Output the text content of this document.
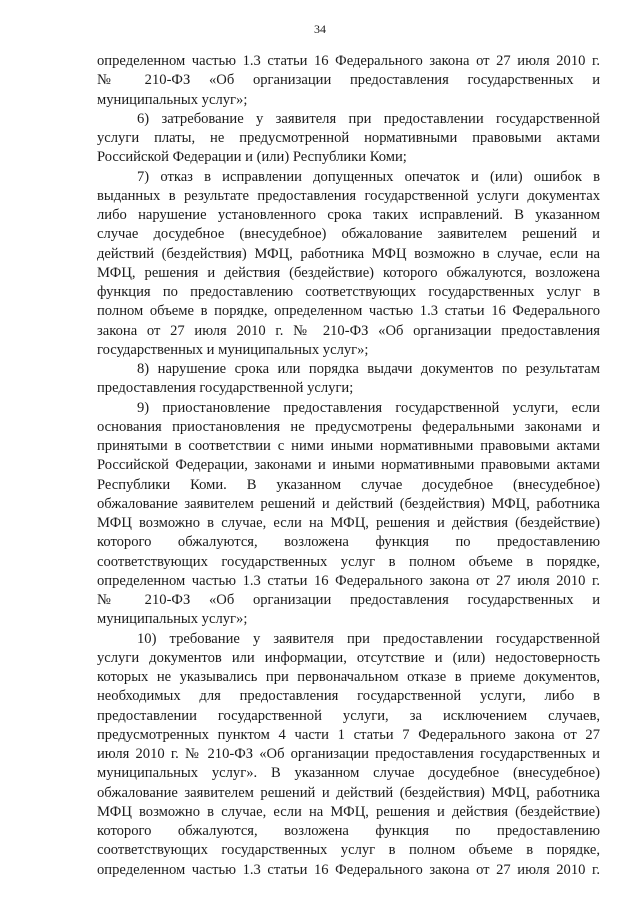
34
определенном частью 1.3 статьи 16 Федерального закона от 27 июля 2010 г.
№ 210-ФЗ «Об организации предоставления государственных и
муниципальных услуг»;
6) затребование у заявителя при предоставлении государственной
услуги платы, не предусмотренной нормативными правовыми актами
Российской Федерации и (или) Республики Коми;
7) отказ в исправлении допущенных опечаток и (или) ошибок в
выданных в результате предоставления государственной услуги документах
либо нарушение установленного срока таких исправлений. В указанном
случае досудебное (внесудебное) обжалование заявителем решений и
действий (бездействия) МФЦ, работника МФЦ возможно в случае, если на
МФЦ, решения и действия (бездействие) которого обжалуются, возложена
функция по предоставлению соответствующих государственных услуг в
полном объеме в порядке, определенном частью 1.3 статьи 16 Федерального
закона от 27 июля 2010 г. № 210-ФЗ «Об организации предоставления
государственных и муниципальных услуг»;
8) нарушение срока или порядка выдачи документов по результатам
предоставления государственной услуги;
9) приостановление предоставления государственной услуги, если
основания приостановления не предусмотрены федеральными законами и
принятыми в соответствии с ними иными нормативными правовыми актами
Российской Федерации, законами и иными нормативными правовыми актами
Республики Коми. В указанном случае досудебное (внесудебное)
обжалование заявителем решений и действий (бездействия) МФЦ, работника
МФЦ возможно в случае, если на МФЦ, решения и действия (бездействие)
которого обжалуются, возложена функция по предоставлению
соответствующих государственных услуг в полном объеме в порядке,
определенном частью 1.3 статьи 16 Федерального закона от 27 июля 2010 г.
№ 210-ФЗ «Об организации предоставления государственных и
муниципальных услуг»;
10) требование у заявителя при предоставлении государственной
услуги документов или информации, отсутствие и (или) недостоверность
которых не указывались при первоначальном отказе в приеме документов,
необходимых для предоставления государственной услуги, либо в
предоставлении государственной услуги, за исключением случаев,
предусмотренных пунктом 4 части 1 статьи 7 Федерального закона от 27
июля 2010 г. № 210-ФЗ «Об организации предоставления государственных и
муниципальных услуг». В указанном случае досудебное (внесудебное)
обжалование заявителем решений и действий (бездействия) МФЦ, работника
МФЦ возможно в случае, если на МФЦ, решения и действия (бездействие)
которого обжалуются, возложена функция по предоставлению
соответствующих государственных услуг в полном объеме в порядке,
определенном частью 1.3 статьи 16 Федерального закона от 27 июля 2010 г.
